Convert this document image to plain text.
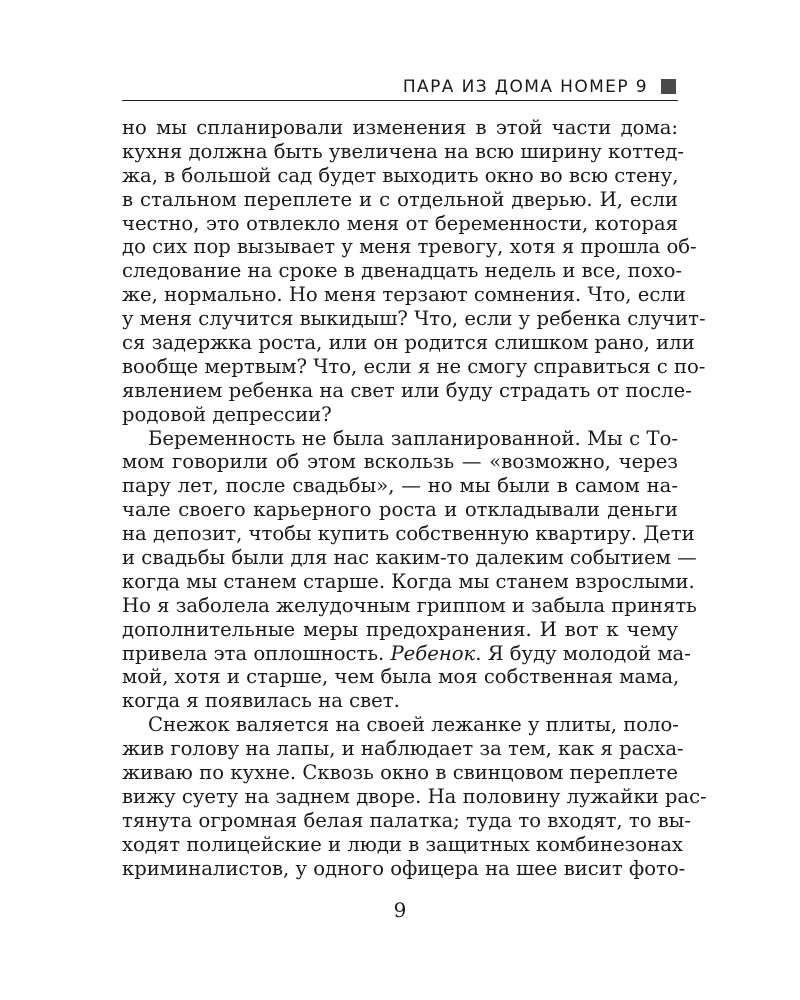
ПАРА ИЗ ДОМА НОМЕР 9
но мы спланировали изменения в этой части дома:
кухня должна быть увеличена на всю ширину коттед-
жа, в большой сад будет выходить окно во всю стену,
в стальном переплете и с отдельной дверью. И, если
честно, это отвлекло меня от беременности, которая
до сих пор вызывает у меня тревогу, хотя я прошла об-
следование на сроке в двенадцать недель и все, похо-
же, нормально. Но меня терзают сомнения. Что, если
у меня случится выкидыш? Что, если у ребенка случит-
ся задержка роста, или он родится слишком рано, или
вообще мертвым? Что, если я не смогу справиться с по-
явлением ребенка на свет или буду страдать от после-
родовой депрессии?
Беременность не была запланированной. Мы с То-
мом говорили об этом вскользь — «возможно, через
пару лет, после свадьбы», — но мы были в самом на-
чале своего карьерного роста и откладывали деньги
на депозит, чтобы купить собственную квартиру. Дети
и свадьбы были для нас каким-то далеким событием —
когда мы станем старше. Когда мы станем взрослыми.
Но я заболела желудочным гриппом и забыла принять
дополнительные меры предохранения. И вот к чему
привела эта оплошность. Ребенок. Я буду молодой ма-
мой, хотя и старше, чем была моя собственная мама,
когда я появилась на свет.
Снежок валяется на своей лежанке у плиты, поло-
жив голову на лапы, и наблюдает за тем, как я расха-
живаю по кухне. Сквозь окно в свинцовом переплете
вижу суету на заднем дворе. На половину лужайки рас-
тянута огромная белая палатка; туда то входят, то вы-
ходят полицейские и люди в защитных комбинезонах
криминалистов, у одного офицера на шее висит фото-
9
